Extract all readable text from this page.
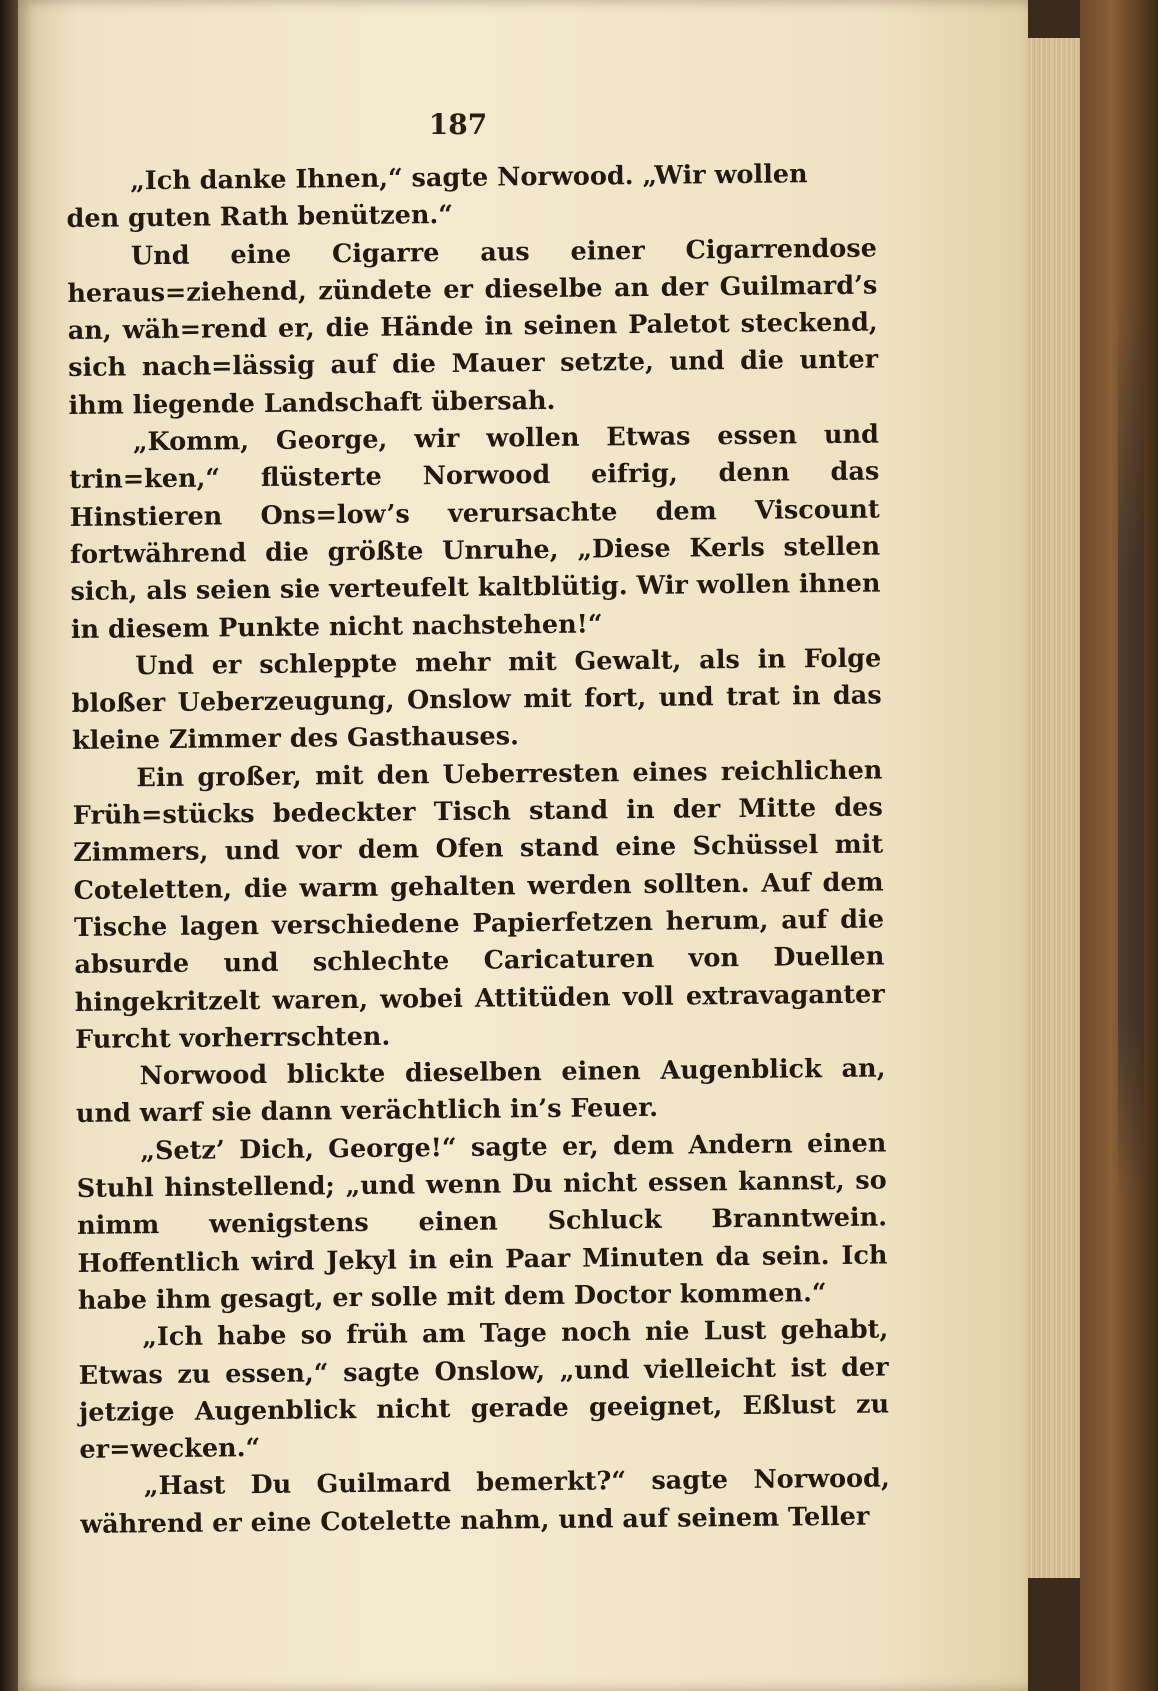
187

„Ich danke Ihnen,“ sagte Norwood. „Wir wollen

den guten Rath benützen.“

Und eine Cigarre aus einer Cigarrendose heraus=ziehend, zündete er dieselbe an der Guilmard’s an, wäh=rend er, die Hände in seinen Paletot steckend, sich nach=lässig auf die Mauer setzte, und die unter ihm liegende Landschaft übersah.

„Komm, George, wir wollen Etwas essen und trin=ken,“ flüsterte Norwood eifrig, denn das Hinstieren Ons=low’s verursachte dem Viscount fortwährend die größte Unruhe, „Diese Kerls stellen sich, als seien sie verteufelt kaltblütig. Wir wollen ihnen in diesem Punkte nicht nachstehen!“

Und er schleppte mehr mit Gewalt, als in Folge bloßer Ueberzeugung, Onslow mit fort, und trat in das kleine Zimmer des Gasthauses.

Ein großer, mit den Ueberresten eines reichlichen Früh=stücks bedeckter Tisch stand in der Mitte des Zimmers, und vor dem Ofen stand eine Schüssel mit Coteletten, die warm gehalten werden sollten. Auf dem Tische lagen verschiedene Papierfetzen herum, auf die absurde und schlechte Caricaturen von Duellen hingekritzelt waren, wobei Attitüden voll extravaganter Furcht vorherrschten.

Norwood blickte dieselben einen Augenblick an, und warf sie dann verächtlich in’s Feuer.

„Setz’ Dich, George!“ sagte er, dem Andern einen Stuhl hinstellend; „und wenn Du nicht essen kannst, so nimm wenigstens einen Schluck Branntwein. Hoffentlich wird Jekyl in ein Paar Minuten da sein. Ich habe ihm gesagt, er solle mit dem Doctor kommen.“

„Ich habe so früh am Tage noch nie Lust gehabt, Etwas zu essen,“ sagte Onslow, „und vielleicht ist der jetzige Augenblick nicht gerade geeignet, Eßlust zu er=wecken.“

„Hast Du Guilmard bemerkt?“ sagte Norwood, während er eine Cotelette nahm, und auf seinem Teller
